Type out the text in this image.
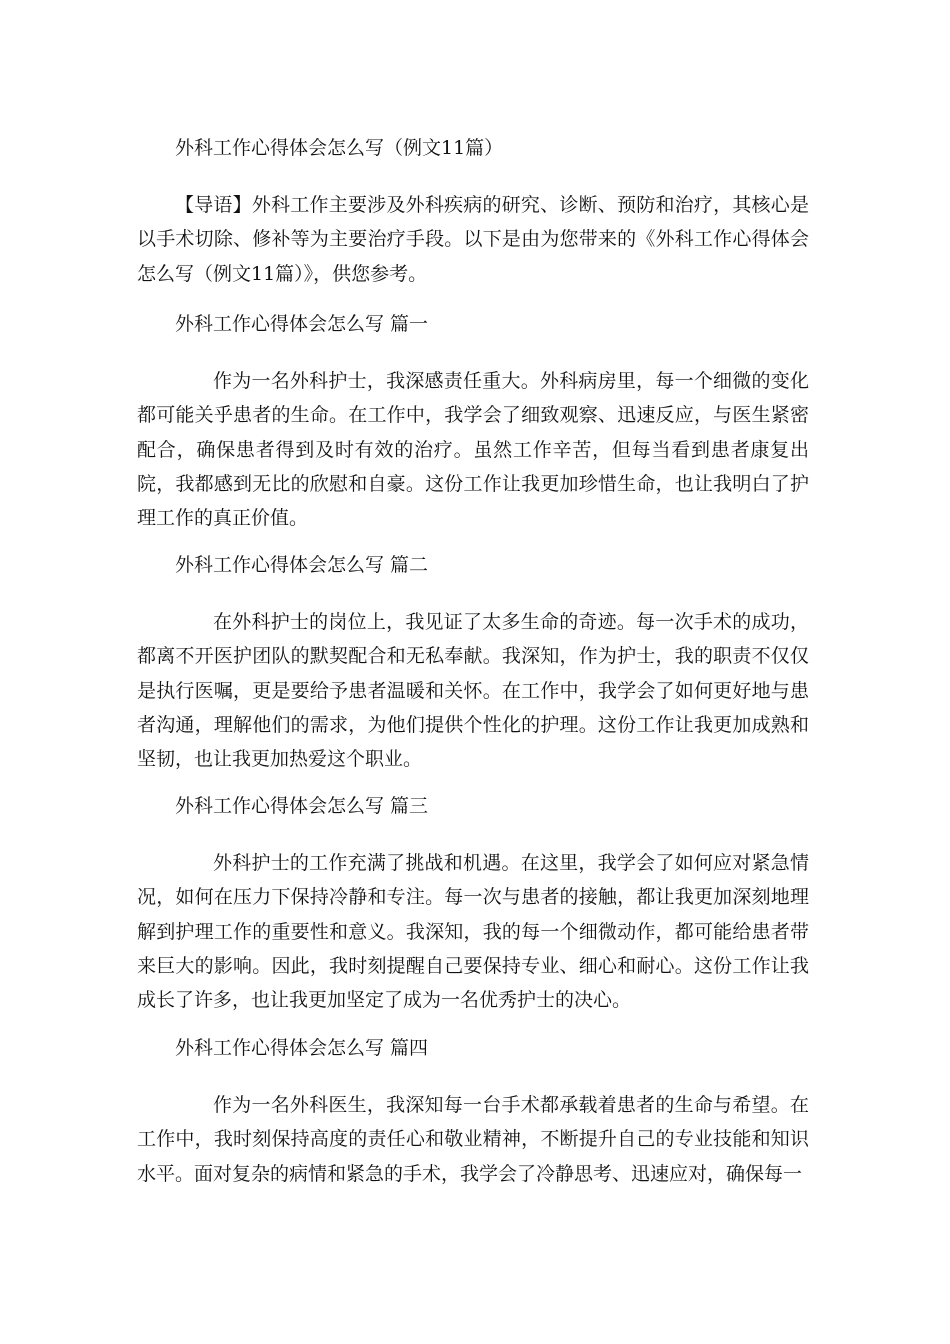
外科工作心得体会怎么写（例文11篇）

【导语】外科工作主要涉及外科疾病的研究、诊断、预防和治疗，其核心是以手术切除、修补等为主要治疗手段。以下是由为您带来的《外科工作心得体会怎么写（例文11篇）》，供您参考。

外科工作心得体会怎么写 篇一

作为一名外科护士，我深感责任重大。外科病房里，每一个细微的变化都可能关乎患者的生命。在工作中，我学会了细致观察、迅速反应，与医生紧密配合，确保患者得到及时有效的治疗。虽然工作辛苦，但每当看到患者康复出院，我都感到无比的欣慰和自豪。这份工作让我更加珍惜生命，也让我明白了护理工作的真正价值。

外科工作心得体会怎么写 篇二

在外科护士的岗位上，我见证了太多生命的奇迹。每一次手术的成功，都离不开医护团队的默契配合和无私奉献。我深知，作为护士，我的职责不仅仅是执行医嘱，更是要给予患者温暖和关怀。在工作中，我学会了如何更好地与患者沟通，理解他们的需求，为他们提供个性化的护理。这份工作让我更加成熟和坚韧，也让我更加热爱这个职业。

外科工作心得体会怎么写 篇三

外科护士的工作充满了挑战和机遇。在这里，我学会了如何应对紧急情况，如何在压力下保持冷静和专注。每一次与患者的接触，都让我更加深刻地理解到护理工作的重要性和意义。我深知，我的每一个细微动作，都可能给患者带来巨大的影响。因此，我时刻提醒自己要保持专业、细心和耐心。这份工作让我成长了许多，也让我更加坚定了成为一名优秀护士的决心。

外科工作心得体会怎么写 篇四

作为一名外科医生，我深知每一台手术都承载着患者的生命与希望。在工作中，我时刻保持高度的责任心和敬业精神，不断提升自己的专业技能和知识水平。面对复杂的病情和紧急的手术，我学会了冷静思考、迅速应对，确保每一
